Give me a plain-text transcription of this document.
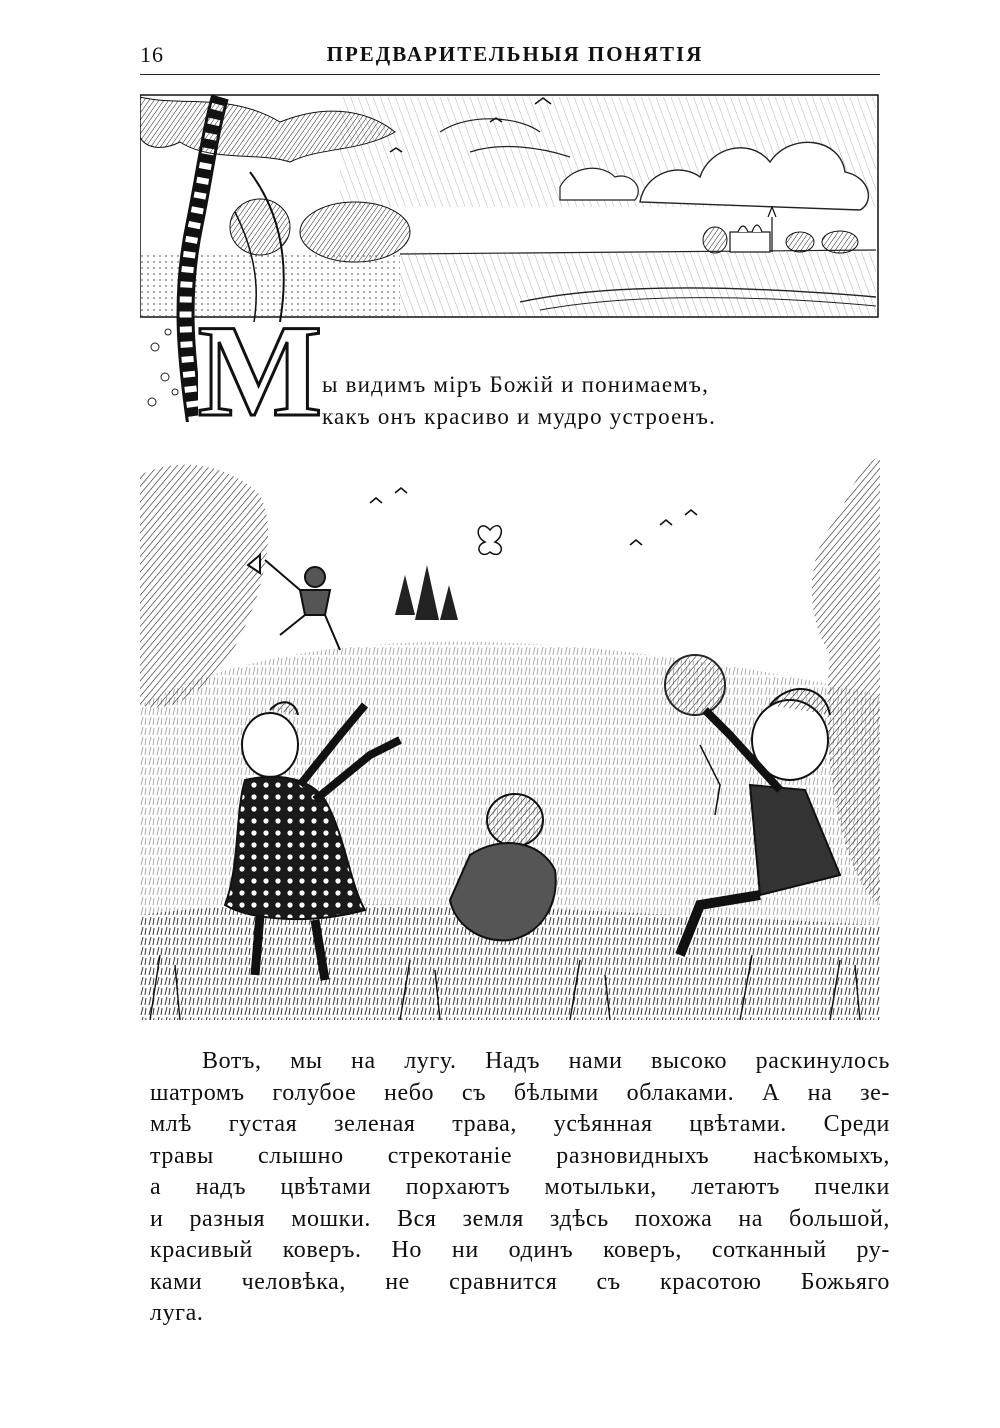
16	ПРЕДВАРИТЕЛЬНЫЯ ПОНЯТІЯ
М ы видимъ міръ Божій и понимаемъ,
какъ онъ красиво и мудро устроенъ.
Вотъ, мы на лугу. Надъ нами высоко раскинулось
шатромъ голубое небо съ бѣлыми облаками. А на зе-
млѣ густая зеленая трава, усѣянная цвѣтами. Среди
травы слышно стрекотаніе разновидныхъ насѣкомыхъ,
а надъ цвѣтами порхаютъ мотыльки, летаютъ пчелки
и разныя мошки. Вся земля здѣсь похожа на большой,
красивый коверъ. Но ни одинъ коверъ, сотканный ру-
ками человѣка, не сравнится съ красотою Божьяго
луга.
